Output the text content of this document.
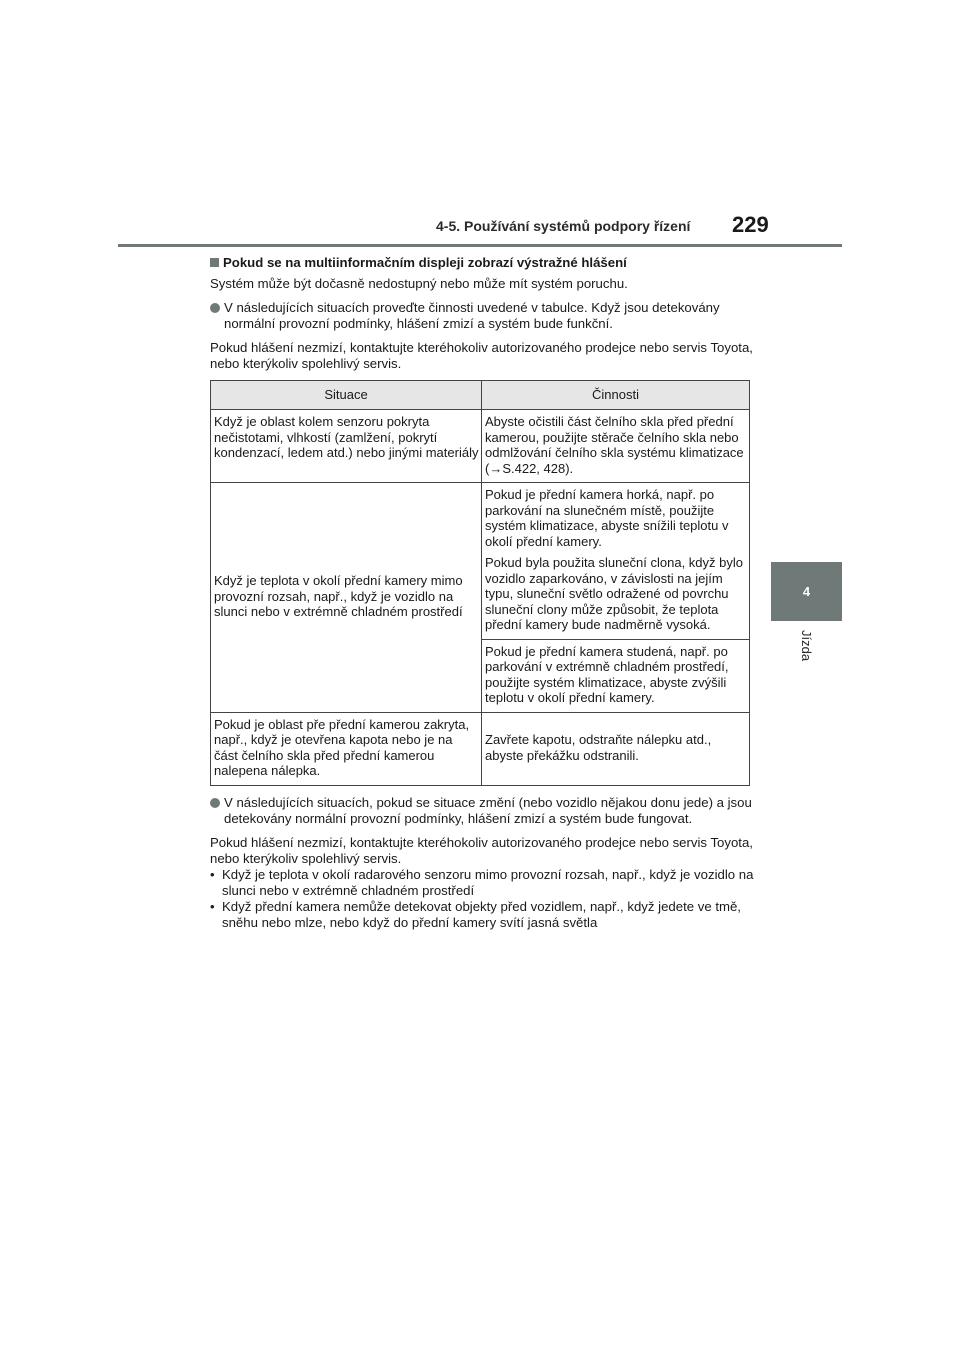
4-5. Používání systémů podpory řízení 229
4
Jízda
Pokud se na multiinformačním displeji zobrazí výstražné hlášení

Systém může být dočasně nedostupný nebo může mít systém poruchu.

V následujících situacích proveďte činnosti uvedené v tabulce. Když jsou detekovány normální provozní podmínky, hlášení zmizí a systém bude funkční.

Pokud hlášení nezmizí, kontaktujte kteréhokoliv autorizovaného prodejce nebo servis Toyota, nebo kterýkoliv spolehlivý servis.

Situace	Činnosti
Když je oblast kolem senzoru pokryta nečistotami, vlhkostí (zamlžení, pokrytí kondenzací, ledem atd.) nebo jinými materiály	Abyste očistili část čelního skla před přední kamerou, použijte stěrače čelního skla nebo odmlžování čelního skla systému klimatizace (→S.422, 428).
Když je teplota v okolí přední kamery mimo provozní rozsah, např., když je vozidlo na slunci nebo v extrémně chladném prostředí	Pokud je přední kamera horká, např. po parkování na slunečném místě, použijte systém klimatizace, abyste snížili teplotu v okolí přední kamery.
Pokud byla použita sluneční clona, když bylo vozidlo zaparkováno, v závislosti na jejím typu, sluneční světlo odražené od povrchu sluneční clony může způsobit, že teplota přední kamery bude nadměrně vysoká.

	Pokud je přední kamera studená, např. po parkování v extrémně chladném prostředí, použijte systém klimatizace, abyste zvýšili teplotu v okolí přední kamery.
Pokud je oblast pře přední kamerou zakryta, např., když je otevřena kapota nebo je na část čelního skla před přední kamerou nalepena nálepka.	Zavřete kapotu, odstraňte nálepku atd., abyste překážku odstranili.
V následujících situacích, pokud se situace změní (nebo vozidlo nějakou donu jede) a jsou detekovány normální provozní podmínky, hlášení zmizí a systém bude fungovat.

Pokud hlášení nezmizí, kontaktujte kteréhokoliv autorizovaného prodejce nebo servis Toyota, nebo kterýkoliv spolehlivý servis.

• Když je teplota v okolí radarového senzoru mimo provozní rozsah, např., když je vozidlo na slunci nebo v extrémně chladném prostředí
• Když přední kamera nemůže detekovat objekty před vozidlem, např., když jedete ve tmě, sněhu nebo mlze, nebo když do přední kamery svítí jasná světla
